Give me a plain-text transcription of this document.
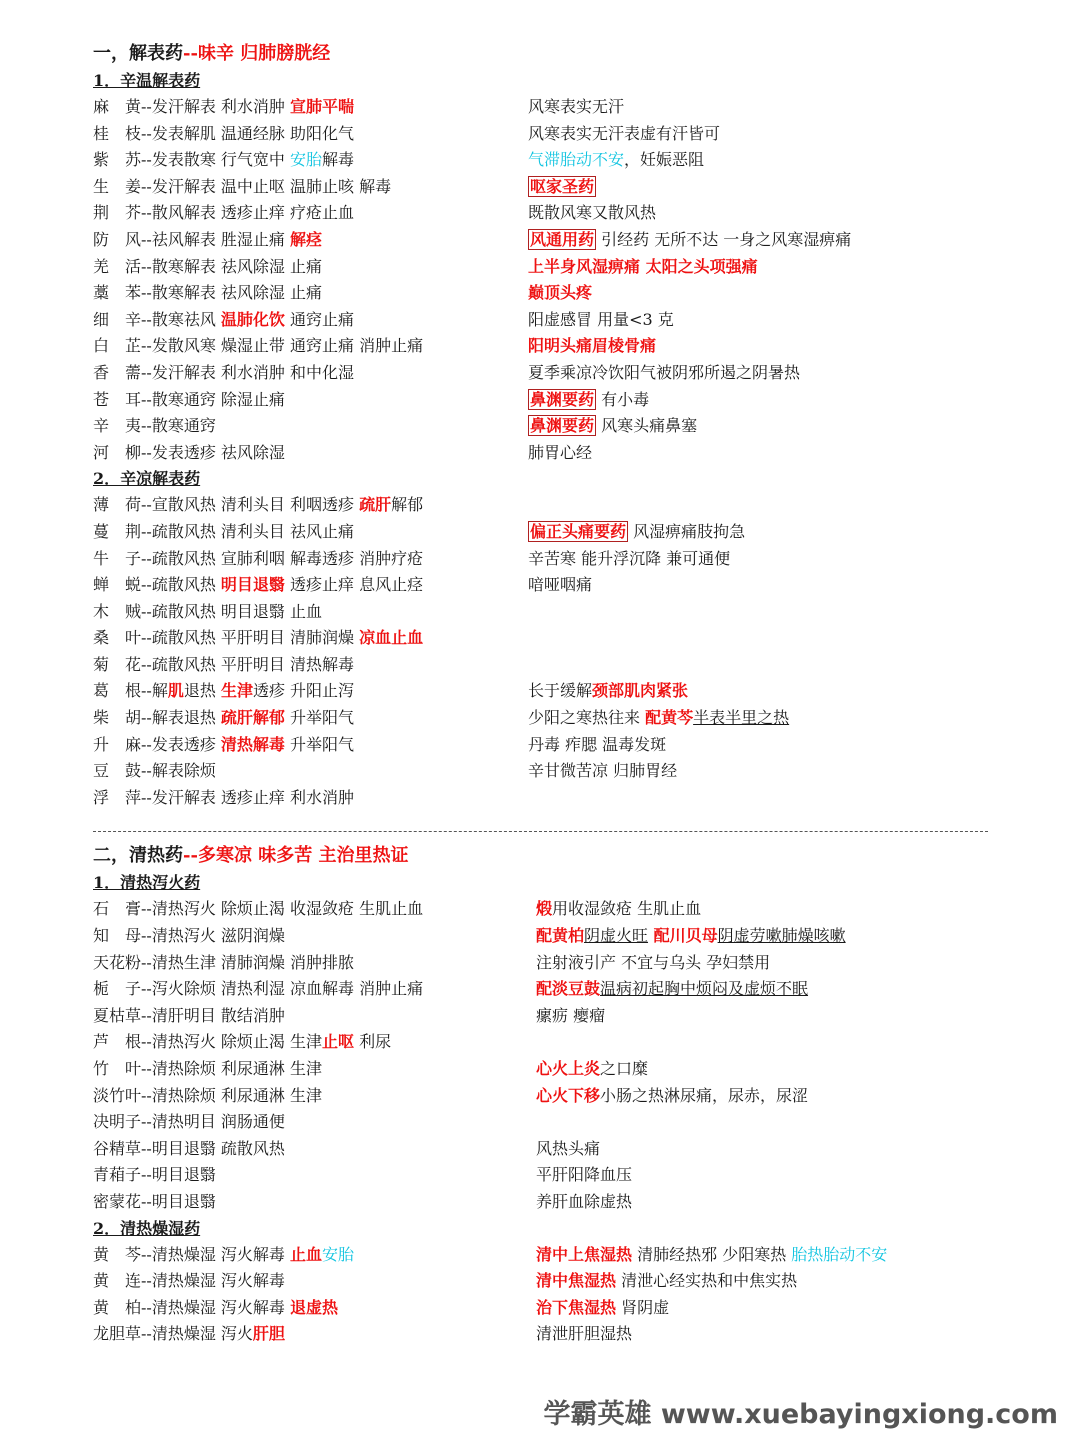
一，解表药--味辛 归肺膀胱经
1．辛温解表药
麻　黄--发汗解表 利水消肿 宣肺平喘	风寒表实无汗
桂　枝--发表解肌 温通经脉 助阳化气	风寒表实无汗表虚有汗皆可
紫　苏--发表散寒 行气宽中 安胎解毒	气滞胎动不安，妊娠恶阻
生　姜--发汗解表 温中止呕 温肺止咳 解毒	呕家圣药
荆　芥--散风解表 透疹止痒 疗疮止血	既散风寒又散风热
防　风--祛风解表 胜湿止痛 解痉	风通用药 引经药 无所不达 一身之风寒湿痹痛
羌　活--散寒解表 祛风除湿 止痛	上半身风湿痹痛 太阳之头项强痛
藁　苯--散寒解表 祛风除湿 止痛	巅顶头疼
细　辛--散寒祛风 温肺化饮 通窍止痛	阳虚感冒 用量<3 克
白　芷--发散风寒 燥湿止带 通窍止痛 消肿止痛	阳明头痛眉棱骨痛
香　薷--发汗解表 利水消肿 和中化湿	夏季乘凉冷饮阳气被阴邪所遏之阴暑热
苍　耳--散寒通窍 除湿止痛	鼻渊要药 有小毒
辛　夷--散寒通窍	鼻渊要药 风寒头痛鼻塞
河　柳--发表透疹 祛风除湿	肺胃心经
2．辛凉解表药
薄　荷--宣散风热 清利头目 利咽透疹 疏肝解郁
蔓　荆--疏散风热 清利头目 祛风止痛	偏正头痛要药 风湿痹痛肢拘急
牛　子--疏散风热 宣肺利咽 解毒透疹 消肿疗疮	辛苦寒 能升浮沉降 兼可通便
蝉　蜕--疏散风热 明目退翳 透疹止痒 息风止痉	喑哑咽痛
木　贼--疏散风热 明目退翳 止血
桑　叶--疏散风热 平肝明目 清肺润燥 凉血止血
菊　花--疏散风热 平肝明目 清热解毒
葛　根--解肌退热 生津透疹 升阳止泻	长于缓解颈部肌肉紧张
柴　胡--解表退热 疏肝解郁 升举阳气	少阳之寒热往来 配黄芩半表半里之热
升　麻--发表透疹 清热解毒 升举阳气	丹毒 痄腮 温毒发斑
豆　鼓--解表除烦	辛甘微苦凉 归肺胃经
浮　萍--发汗解表 透疹止痒 利水消肿
二，清热药--多寒凉 味多苦 主治里热证
1．清热泻火药
石　膏--清热泻火 除烦止渴 收湿敛疮 生肌止血	煅用收湿敛疮 生肌止血
知　母--清热泻火 滋阴润燥	配黄柏阴虚火旺 配川贝母阴虚劳嗽肺燥咳嗽
天花粉--清热生津 清肺润燥 消肿排脓	注射液引产 不宜与乌头 孕妇禁用
栀　子--泻火除烦 清热利湿 凉血解毒 消肿止痛	配淡豆鼓温病初起胸中烦闷及虚烦不眠
夏枯草--清肝明目 散结消肿	瘰疬 瘿瘤
芦　根--清热泻火 除烦止渴 生津止呕 利尿
竹　叶--清热除烦 利尿通淋 生津	心火上炎之口糜
淡竹叶--清热除烦 利尿通淋 生津	心火下移小肠之热淋尿痛，尿赤，尿涩
决明子--清热明目 润肠通便
谷精草--明目退翳 疏散风热	风热头痛
青葙子--明目退翳	平肝阳降血压
密蒙花--明目退翳	养肝血除虚热
2．清热燥湿药
黄　芩--清热燥湿 泻火解毒 止血安胎	清中上焦湿热 清肺经热邪 少阳寒热 胎热胎动不安
黄　连--清热燥湿 泻火解毒	清中焦湿热 清泄心经实热和中焦实热
黄　柏--清热燥湿 泻火解毒 退虚热	治下焦湿热 肾阴虚
龙胆草--清热燥湿 泻火肝胆	清泄肝胆湿热
学霸英雄 www.xuebayingxiong.com
